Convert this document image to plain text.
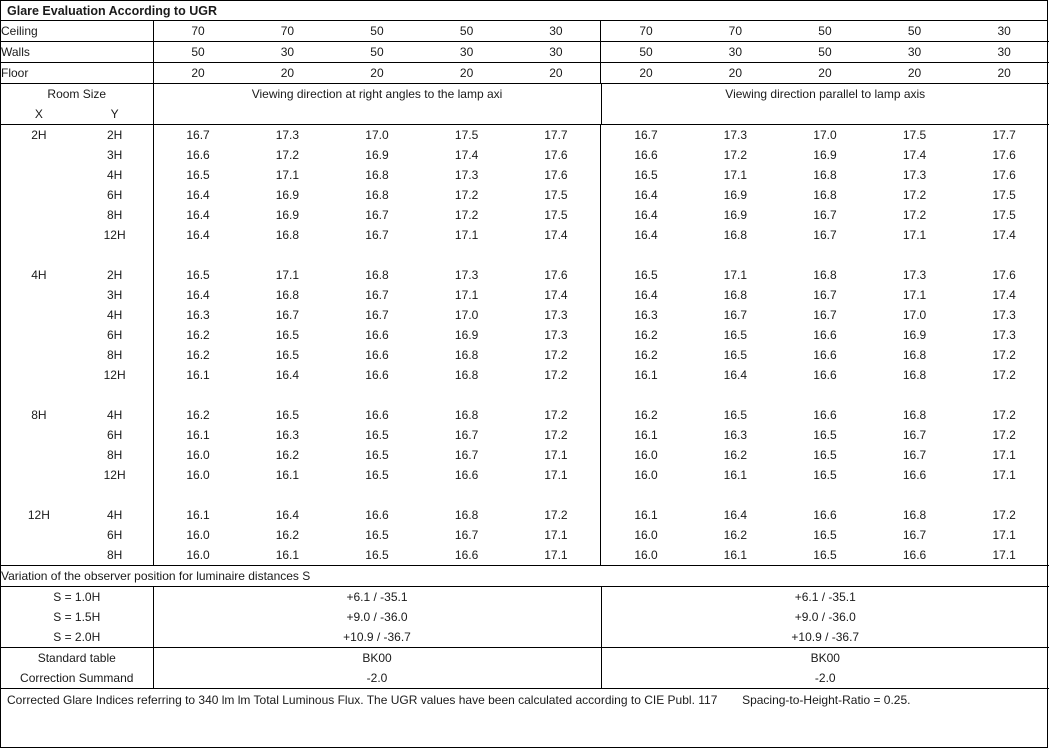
Glare Evaluation According to UGR
Ceiling	70	70	50	50	30	70	70	50	50	30
Walls	50	30	50	30	30	50	30	50	30	30
Floor	20	20	20	20	20	20	20	20	20	20
Room Size	Viewing direction at right angles to the lamp axi	Viewing direction parallel to lamp axis

X Y		

2H 2H	16.7	17.3	17.0	17.5	17.7	16.7	17.3	17.0	17.5	17.7

3H	16.6	17.2	16.9	17.4	17.6	16.6	17.2	16.9	17.4	17.6

4H	16.5	17.1	16.8	17.3	17.6	16.5	17.1	16.8	17.3	17.6

6H	16.4	16.9	16.8	17.2	17.5	16.4	16.9	16.8	17.2	17.5

8H	16.4	16.9	16.7	17.2	17.5	16.4	16.9	16.7	17.2	17.5

12H	16.4	16.8	16.7	17.1	17.4	16.4	16.8	16.7	17.1	17.4

4H 2H	16.5	17.1	16.8	17.3	17.6	16.5	17.1	16.8	17.3	17.6

3H	16.4	16.8	16.7	17.1	17.4	16.4	16.8	16.7	17.1	17.4

4H	16.3	16.7	16.7	17.0	17.3	16.3	16.7	16.7	17.0	17.3

6H	16.2	16.5	16.6	16.9	17.3	16.2	16.5	16.6	16.9	17.3

8H	16.2	16.5	16.6	16.8	17.2	16.2	16.5	16.6	16.8	17.2

12H	16.1	16.4	16.6	16.8	17.2	16.1	16.4	16.6	16.8	17.2

8H 4H	16.2	16.5	16.6	16.8	17.2	16.2	16.5	16.6	16.8	17.2

6H	16.1	16.3	16.5	16.7	17.2	16.1	16.3	16.5	16.7	17.2

8H	16.0	16.2	16.5	16.7	17.1	16.0	16.2	16.5	16.7	17.1

12H	16.0	16.1	16.5	16.6	17.1	16.0	16.1	16.5	16.6	17.1

12H 4H	16.1	16.4	16.6	16.8	17.2	16.1	16.4	16.6	16.8	17.2

6H	16.0	16.2	16.5	16.7	17.1	16.0	16.2	16.5	16.7	17.1

8H	16.0	16.1	16.5	16.6	17.1	16.0	16.1	16.5	16.6	17.1
Variation of the observer position for luminaire distances S		
S = 1.0H	+6.1 / -35.1	+6.1 / -35.1
S = 1.5H	+9.0 / -36.0	+9.0 / -36.0
S = 2.0H	+10.9 / -36.7	+10.9 / -36.7
Standard table	BK00	BK00
Correction Summand	-2.0	-2.0
Corrected Glare Indices referring to 340 lm lm Total Luminous Flux. The UGR values have been calculated according to CIE Publ. 117 Spacing-to-Height-Ratio = 0.25.
